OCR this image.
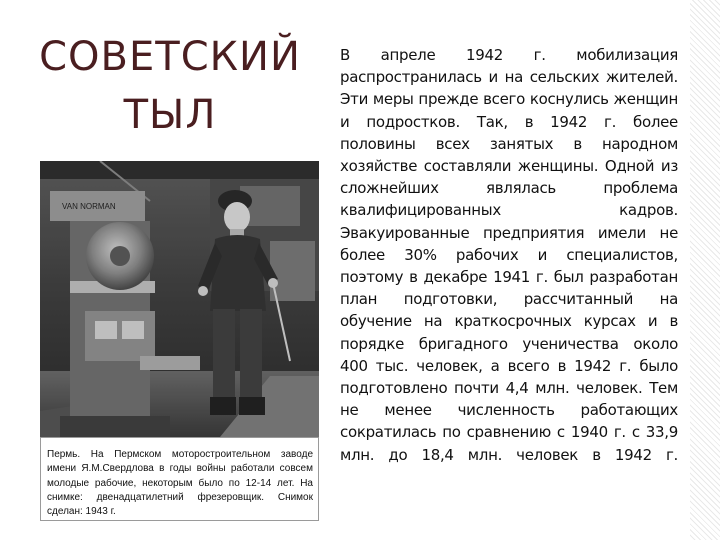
СОВЕТСКИЙ
ТЫЛ
VAN NORMAN
Пермь. На Пермском моторостроительном заводе имени Я.М.Свердлова в годы войны работали совсем молодые рабочие, некоторым было по 12-14 лет. На снимке: двенадцатилетний фрезеровщик. Снимок сделан: 1943 г.
В апреле 1942 г. мобилизация распространилась и на сельских жителей. Эти меры прежде всего коснулись женщин и подростков. Так, в 1942 г. более половины всех занятых в народном хозяйстве составляли женщины. Одной из сложнейших являлась проблема квалифицированных кадров. Эвакуированные предприятия имели не более 30% рабочих и специалистов, поэтому в декабре 1941 г. был разработан план подготовки, рассчитанный на обучение на краткосрочных курсах и в порядке бригадного ученичества около 400 тыс. человек, а всего в 1942 г. было подготовлено почти 4,4 млн. человек. Тем не менее численность работающих сократилась по сравнению с 1940 г. с 33,9 млн. до 18,4 млн. человек в 1942 г.
